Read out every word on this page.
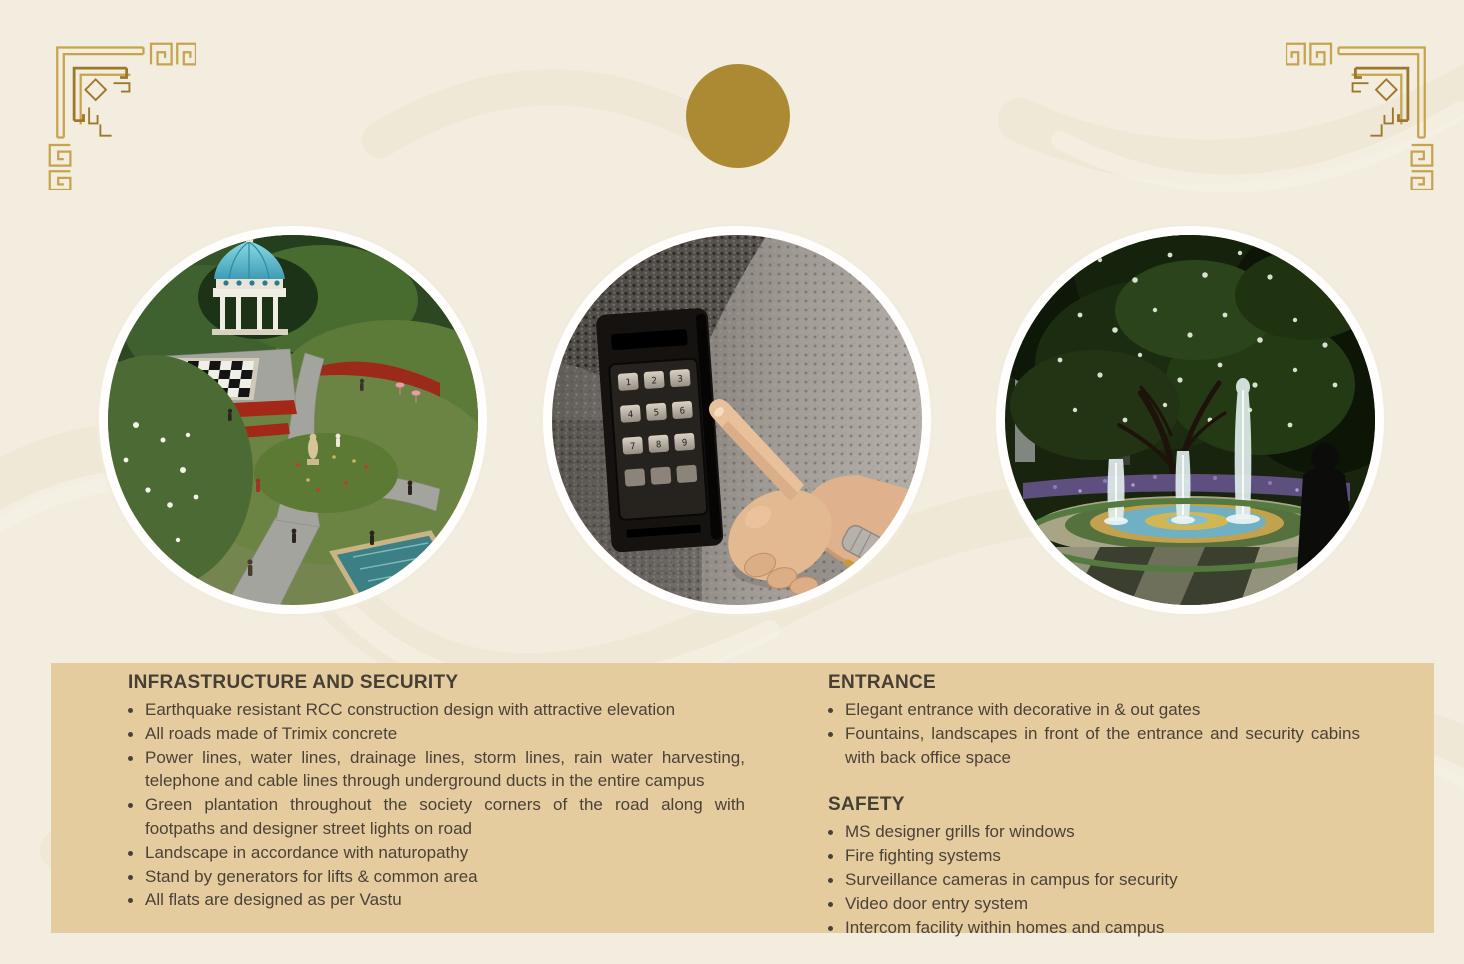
1 2 3
4 5 6
7 8 9
INFRASTRUCTURE AND SECURITY
Earthquake resistant RCC construction design with attractive elevation
All roads made of Trimix concrete
Power lines, water lines, drainage lines, storm lines, rain water harvesting, telephone and cable lines through underground ducts in the entire campus
Green plantation throughout the society corners of the road along with footpaths and designer street lights on road
Landscape in accordance with naturopathy
Stand by generators for lifts & common area
All flats are designed as per Vastu
ENTRANCE
Elegant entrance with decorative in & out gates
Fountains, landscapes in front of the entrance and security cabins with back office space
SAFETY
MS designer grills for windows
Fire fighting systems
Surveillance cameras in campus for security
Video door entry system
Intercom facility within homes and campus
